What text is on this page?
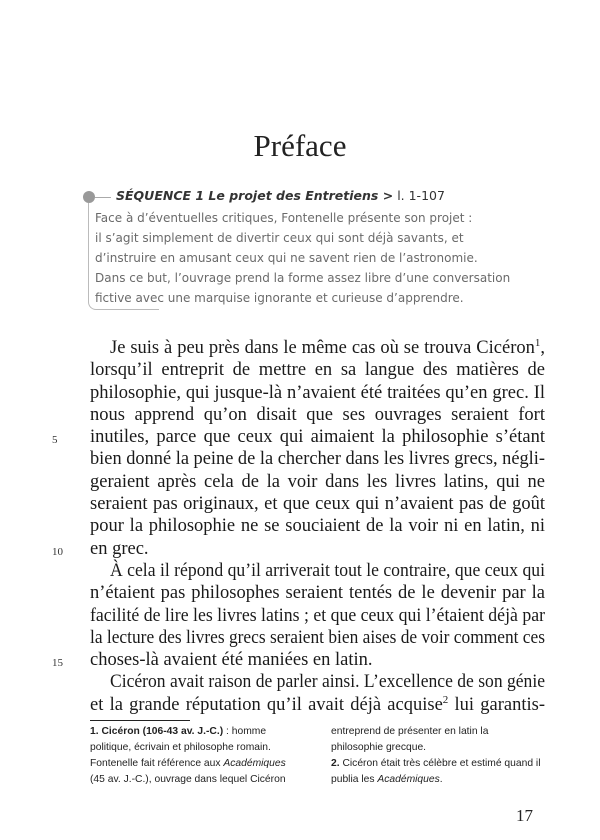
Préface
SÉQUENCE 1 Le projet des Entretiens > l. 1-107
Face à d’éventuelles critiques, Fontenelle présente son projet :
il s’agit simplement de divertir ceux qui sont déjà savants, et
d’instruire en amusant ceux qui ne savent rien de l’astronomie.
Dans ce but, l’ouvrage prend la forme assez libre d’une conversation
fictive avec une marquise ignorante et curieuse d’apprendre.
Je suis à peu près dans le même cas où se trouva Cicéron$^1$,
lorsqu’il entreprit de mettre en sa langue des matières de
philosophie, qui jusque-là n’avaient été traitées qu’en grec. Il
nous apprend qu’on disait que ses ouvrages seraient fort
5 inutiles, parce que ceux qui aimaient la philosophie s’étant
bien donné la peine de la chercher dans les livres grecs, négli-
geraient après cela de la voir dans les livres latins, qui ne
seraient pas originaux, et que ceux qui n’avaient pas de goût
pour la philosophie ne se souciaient de la voir ni en latin, ni
10 en grec.
À cela il répond qu’il arriverait tout le contraire, que ceux qui
n’étaient pas philosophes seraient tentés de le devenir par la
facilité de lire les livres latins ; et que ceux qui l’étaient déjà par
la lecture des livres grecs seraient bien aises de voir comment ces
15 choses-là avaient été maniées en latin.
Cicéron avait raison de parler ainsi. L’excellence de son génie
et la grande réputation qu’il avait déjà acquise$^2$ lui garantis-
1. Cicéron (106-43 av. J.-C.) : homme politique, écrivain et philosophe romain. Fontenelle fait référence aux Académiques (45 av. J.-C.), ouvrage dans lequel Cicéron entreprend de présenter en latin la philosophie grecque.
2. Cicéron était très célèbre et estimé quand il publia les Académiques.
17
